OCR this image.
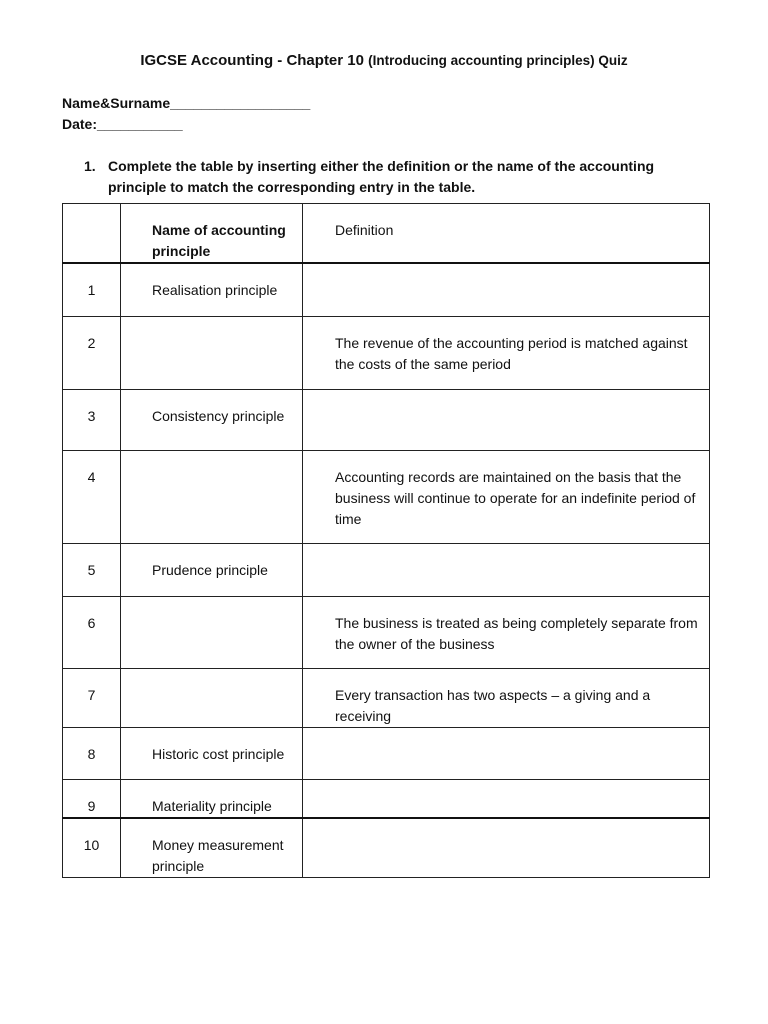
IGCSE Accounting - Chapter 10 (Introducing accounting principles) Quiz
Name&Surname__________________
Date:___________
1. Complete the table by inserting either the definition or the name of the accounting
principle to match the corresponding entry in the table.
	Name of accounting principle	Definition
1	Realisation principle	
2		The revenue of the accounting period is matched against the costs of the same period
3	Consistency principle	
4		Accounting records are maintained on the basis that the business will continue to operate for an indefinite period of time
5	Prudence principle	
6		The business is treated as being completely separate from the owner of the business
7		Every transaction has two aspects – a giving and a receiving
8	Historic cost principle	
9	Materiality principle	
10	Money measurement principle	
